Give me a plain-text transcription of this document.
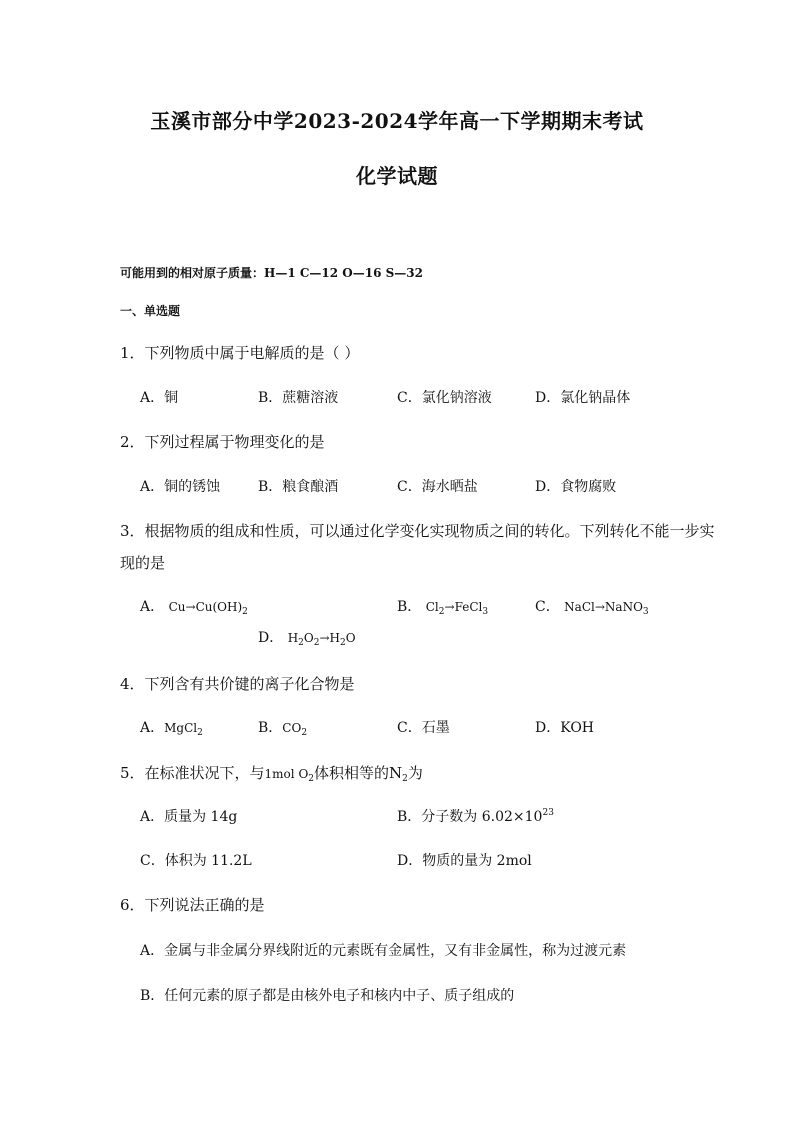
玉溪市部分中学2023-2024学年高一下学期期末考试
化学试题
可能用到的相对原子质量：H—1 C—12 O—16 S—32
一、单选题
1．下列物质中属于电解质的是（ ）
A．铜	B．蔗糖溶液	C．氯化钠溶液	D．氯化钠晶体
2．下列过程属于物理变化的是
A．铜的锈蚀	B．粮食酿酒	C．海水晒盐	D．食物腐败
3．根据物质的组成和性质，可以通过化学变化实现物质之间的转化。下列转化不能一步实
现的是
A． $Cu\to Cu(OH)_2$	B． $Cl_2\to FeCl_3$	C． NaCl→NaNO$_3$
D． $H_2O_2\to H_2O$
4．下列含有共价键的离子化合物是
A．MgCl$_2$	B．$CO_2$	C．石墨	D．KOH
5．在标准状况下，与1mol $O_2$体积相等的$N_2$为
A．质量为 14g	B．分子数为 $6.02\times 10^{23}$
C．体积为 11.2L	D．物质的量为 2mol
6．下列说法正确的是
A．金属与非金属分界线附近的元素既有金属性，又有非金属性，称为过渡元素
B．任何元素的原子都是由核外电子和核内中子、质子组成的
